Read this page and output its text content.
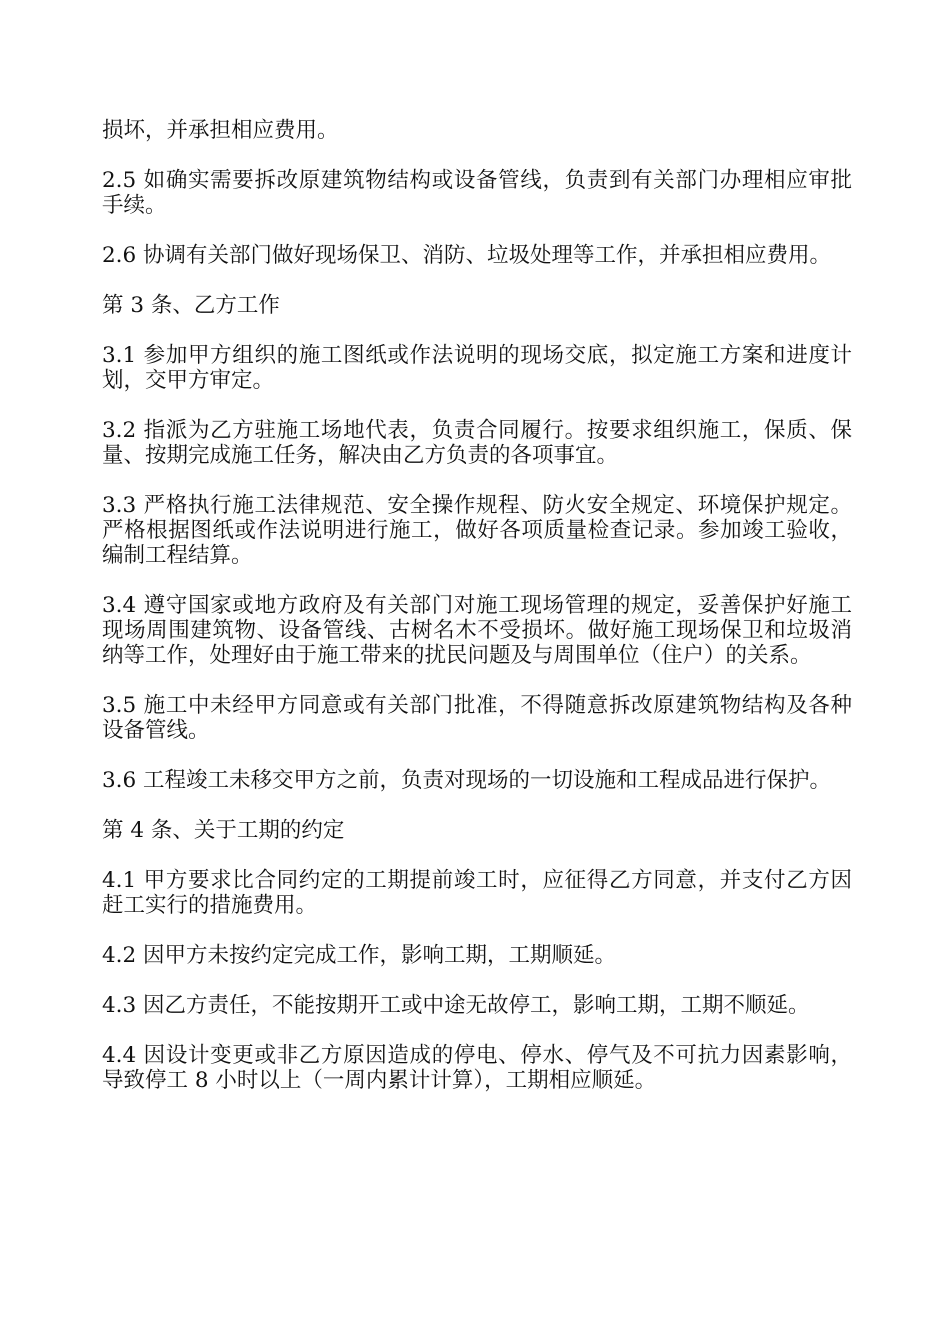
损坏，并承担相应费用。

2.5 如确实需要拆改原建筑物结构或设备管线，负责到有关部门办理相应审批手续。

2.6 协调有关部门做好现场保卫、消防、垃圾处理等工作，并承担相应费用。

第 3 条、乙方工作

3.1 参加甲方组织的施工图纸或作法说明的现场交底，拟定施工方案和进度计划，交甲方审定。

3.2 指派为乙方驻施工场地代表，负责合同履行。按要求组织施工，保质、保量、按期完成施工任务，解决由乙方负责的各项事宜。

3.3 严格执行施工法律规范、安全操作规程、防火安全规定、环境保护规定。严格根据图纸或作法说明进行施工，做好各项质量检查记录。参加竣工验收，编制工程结算。

3.4 遵守国家或地方政府及有关部门对施工现场管理的规定，妥善保护好施工现场周围建筑物、设备管线、古树名木不受损坏。做好施工现场保卫和垃圾消纳等工作，处理好由于施工带来的扰民问题及与周围单位（住户）的关系。

3.5 施工中未经甲方同意或有关部门批准，不得随意拆改原建筑物结构及各种设备管线。

3.6 工程竣工未移交甲方之前，负责对现场的一切设施和工程成品进行保护。

第 4 条、关于工期的约定

4.1 甲方要求比合同约定的工期提前竣工时，应征得乙方同意，并支付乙方因赶工实行的措施费用。

4.2 因甲方未按约定完成工作，影响工期，工期顺延。

4.3 因乙方责任，不能按期开工或中途无故停工，影响工期，工期不顺延。

4.4 因设计变更或非乙方原因造成的停电、停水、停气及不可抗力因素影响，导致停工 8 小时以上（一周内累计计算），工期相应顺延。
